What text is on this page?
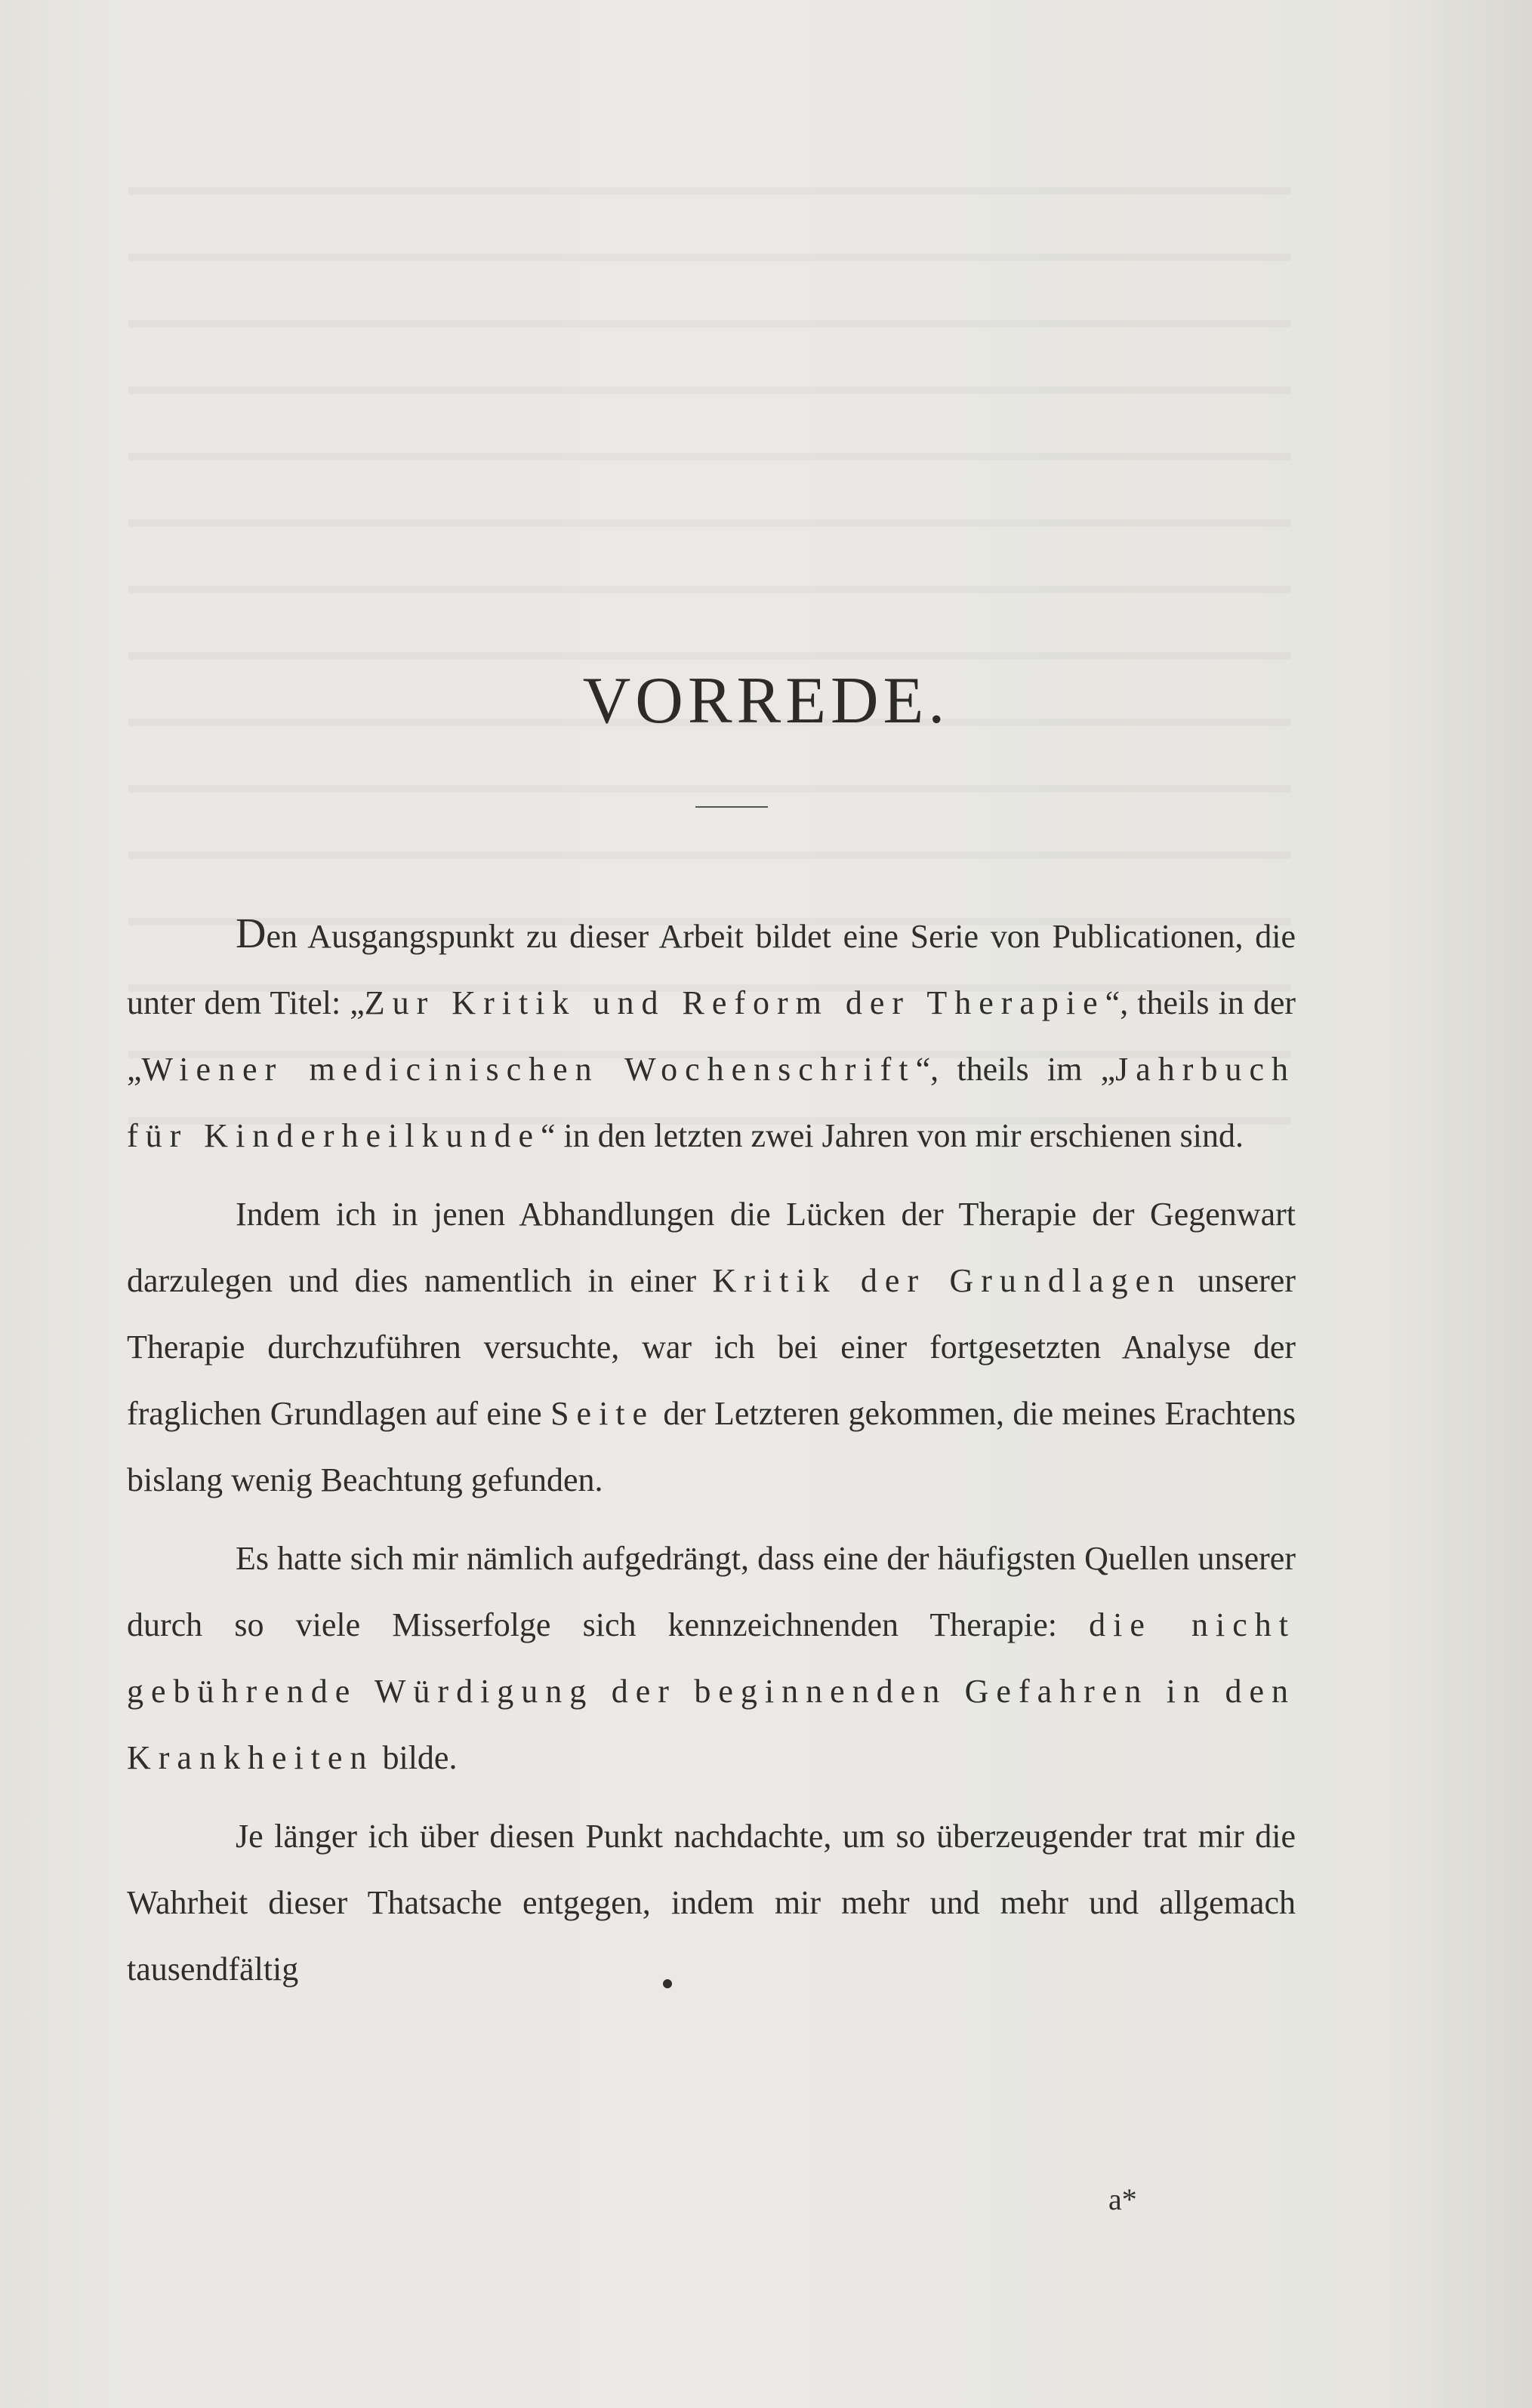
VORREDE.

Den Ausgangspunkt zu dieser Arbeit bildet eine Serie von Publicationen, die unter dem Titel: „Zur Kritik und Reform der Therapie“, theils in der „Wiener medicinischen Wochenschrift“, theils im „Jahrbuch für Kinderheilkunde“ in den letzten zwei Jahren von mir erschienen sind.

Indem ich in jenen Abhandlungen die Lücken der Therapie der Gegenwart darzulegen und dies namentlich in einer Kritik der Grundlagen unserer Therapie durchzuführen versuchte, war ich bei einer fortgesetzten Analyse der fraglichen Grundlagen auf eine Seite der Letzteren gekommen, die meines Erachtens bislang wenig Beachtung gefunden.

Es hatte sich mir nämlich aufgedrängt, dass eine der häufigsten Quellen unserer durch so viele Misserfolge sich kennzeichnenden Therapie: die nicht gebührende Würdigung der beginnenden Gefahren in den Krankheiten bilde.

Je länger ich über diesen Punkt nachdachte, um so überzeugender trat mir die Wahrheit dieser Thatsache entgegen, indem mir mehr und mehr und allgemach tausendfältig

a*
